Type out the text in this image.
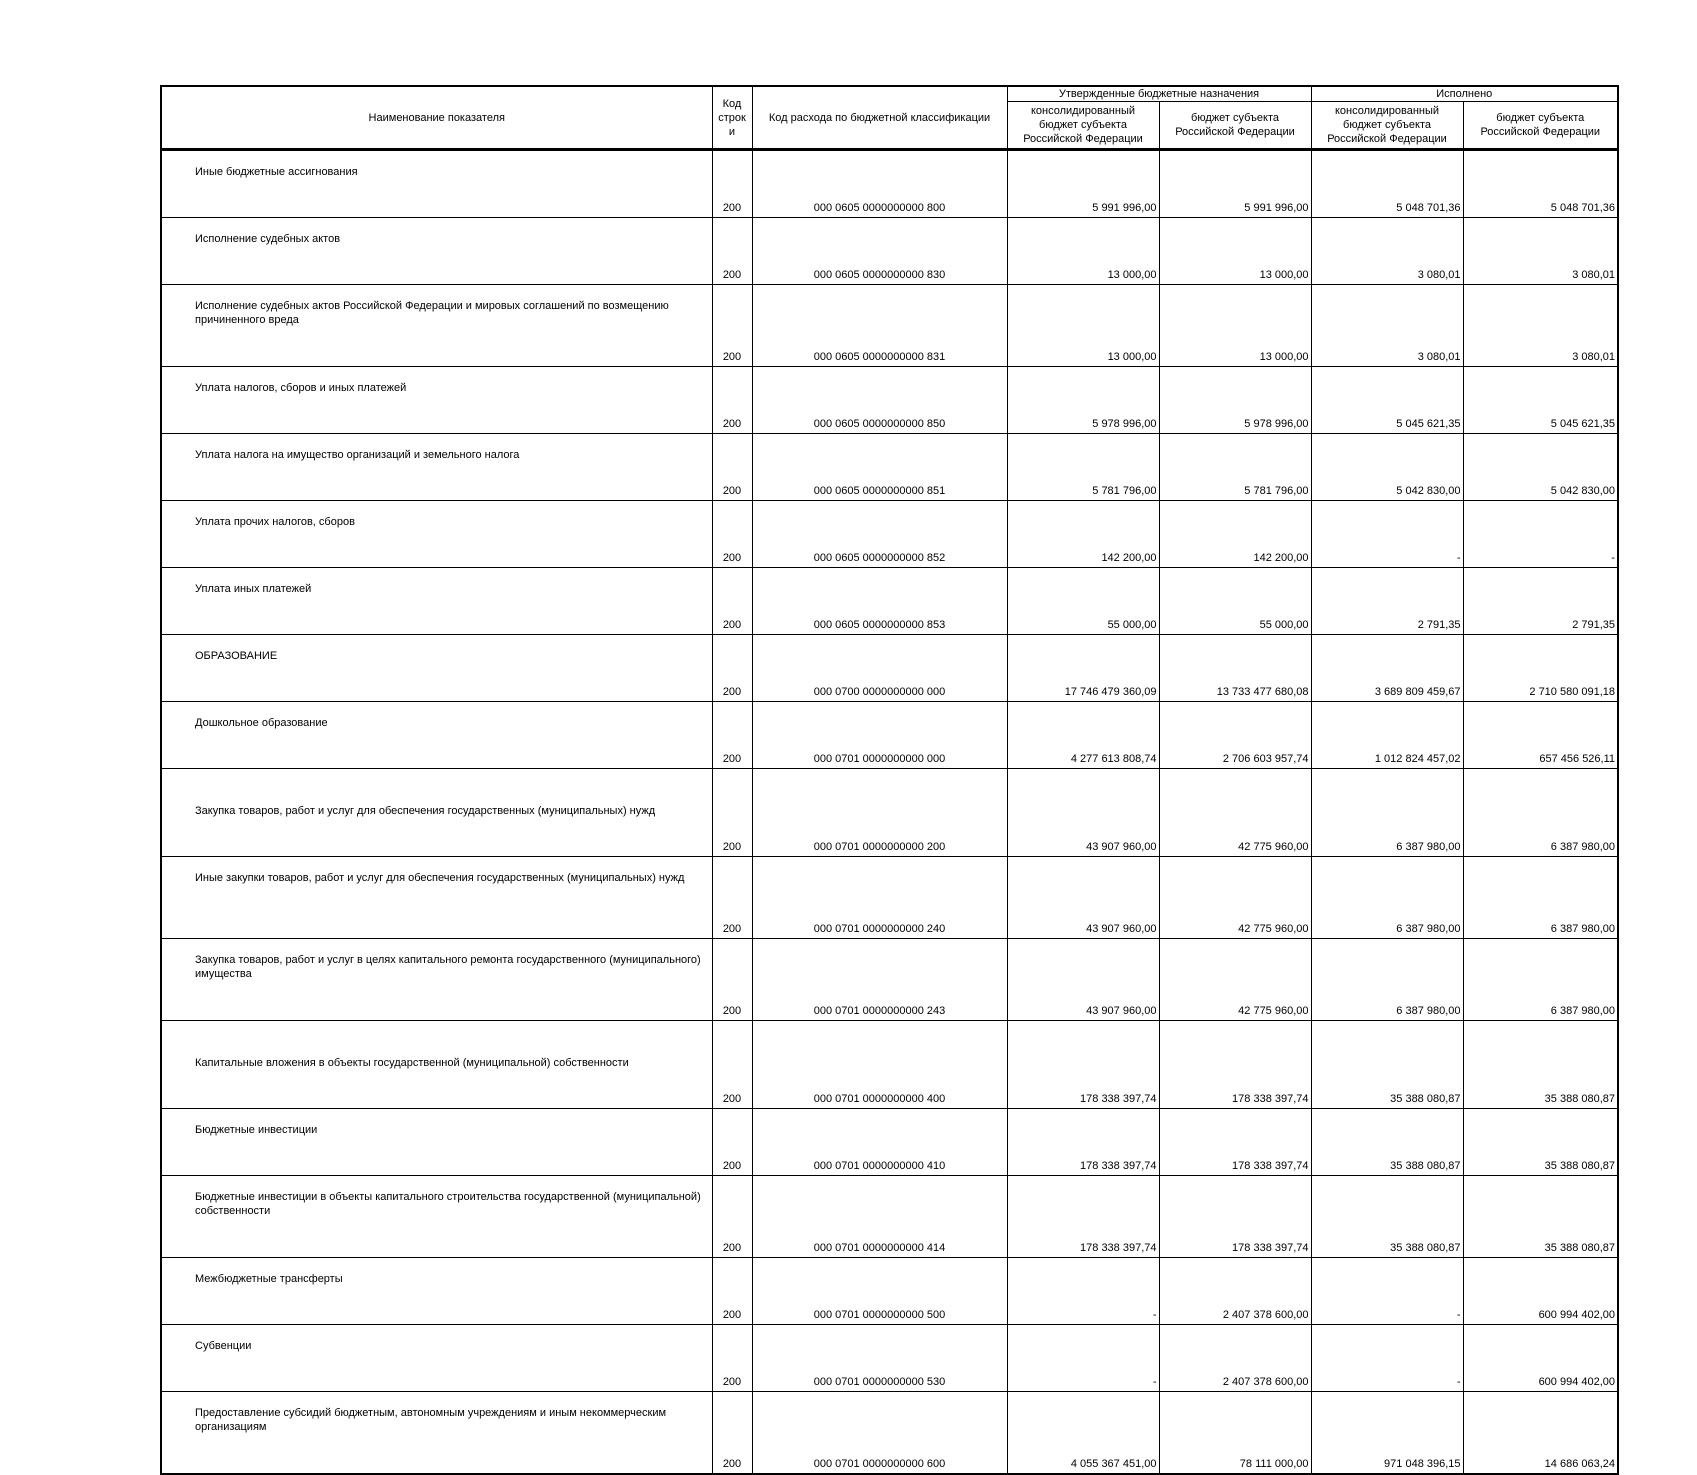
Наименование показателя	Код строк и	Код расхода по бюджетной классификации	Утвержденные бюджетные назначения		Исполнено	
			консолидированный бюджет субъекта Российской Федерации	бюджет субъекта Российской Федерации	консолидированный бюджет субъекта Российской Федерации	бюджет субъекта Российской Федерации
Иные бюджетные ассигнования	200	000 0605 0000000000 800	5 991 996,00	5 991 996,00	5 048 701,36	5 048 701,36
Исполнение судебных актов	200	000 0605 0000000000 830	13 000,00	13 000,00	3 080,01	3 080,01
Исполнение судебных актов Российской Федерации и мировых соглашений по возмещению причиненного вреда	200	000 0605 0000000000 831	13 000,00	13 000,00	3 080,01	3 080,01
Уплата налогов, сборов и иных платежей	200	000 0605 0000000000 850	5 978 996,00	5 978 996,00	5 045 621,35	5 045 621,35
Уплата налога на имущество организаций и земельного налога	200	000 0605 0000000000 851	5 781 796,00	5 781 796,00	5 042 830,00	5 042 830,00
Уплата прочих налогов, сборов	200	000 0605 0000000000 852	142 200,00	142 200,00	-	-
Уплата иных платежей	200	000 0605 0000000000 853	55 000,00	55 000,00	2 791,35	2 791,35
ОБРАЗОВАНИЕ	200	000 0700 0000000000 000	17 746 479 360,09	13 733 477 680,08	3 689 809 459,67	2 710 580 091,18
Дошкольное образование	200	000 0701 0000000000 000	4 277 613 808,74	2 706 603 957,74	1 012 824 457,02	657 456 526,11
Закупка товаров, работ и услуг для обеспечения государственных (муниципальных) нужд	200	000 0701 0000000000 200	43 907 960,00	42 775 960,00	6 387 980,00	6 387 980,00
Иные закупки товаров, работ и услуг для обеспечения государственных (муниципальных) нужд	200	000 0701 0000000000 240	43 907 960,00	42 775 960,00	6 387 980,00	6 387 980,00
Закупка товаров, работ и услуг в целях капитального ремонта государственного (муниципального) имущества	200	000 0701 0000000000 243	43 907 960,00	42 775 960,00	6 387 980,00	6 387 980,00
Капитальные вложения в объекты государственной (муниципальной) собственности	200	000 0701 0000000000 400	178 338 397,74	178 338 397,74	35 388 080,87	35 388 080,87
Бюджетные инвестиции	200	000 0701 0000000000 410	178 338 397,74	178 338 397,74	35 388 080,87	35 388 080,87
Бюджетные инвестиции в объекты капитального строительства государственной (муниципальной) собственности	200	000 0701 0000000000 414	178 338 397,74	178 338 397,74	35 388 080,87	35 388 080,87
Межбюджетные трансферты	200	000 0701 0000000000 500	-	2 407 378 600,00	-	600 994 402,00
Субвенции	200	000 0701 0000000000 530	-	2 407 378 600,00	-	600 994 402,00
Предоставление субсидий бюджетным, автономным учреждениям и иным некоммерческим организациям	200	000 0701 0000000000 600	4 055 367 451,00	78 111 000,00	971 048 396,15	14 686 063,24
